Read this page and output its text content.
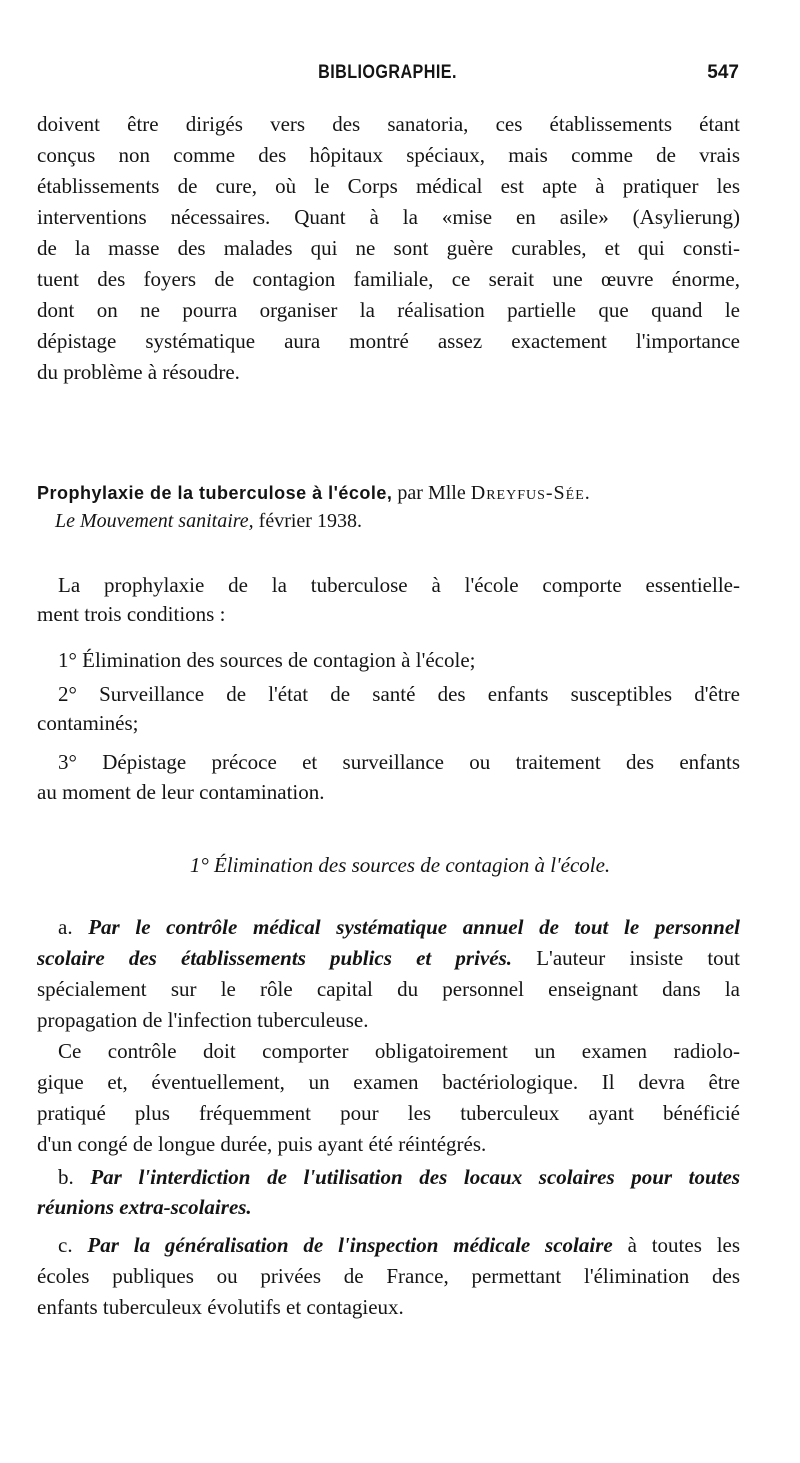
BIBLIOGRAPHIE.	547
doivent être dirigés vers des sanatoria, ces établissements étant
conçus non comme des hôpitaux spéciaux, mais comme de vrais
établissements de cure, où le Corps médical est apte à pratiquer les
interventions nécessaires. Quant à la «mise en asile» (Asylierung)
de la masse des malades qui ne sont guère curables, et qui consti-
tuent des foyers de contagion familiale, ce serait une œuvre énorme,
dont on ne pourra organiser la réalisation partielle que quand le
dépistage systématique aura montré assez exactement l'importance
du problème à résoudre.
Prophylaxie de la tuberculose à l'école, par Mlle Dreyfus-Sée.
Le Mouvement sanitaire, février 1938.
La prophylaxie de la tuberculose à l'école comporte essentielle-
ment trois conditions :
1° Élimination des sources de contagion à l'école;
2° Surveillance de l'état de santé des enfants susceptibles d'être
contaminés;
3° Dépistage précoce et surveillance ou traitement des enfants
au moment de leur contamination.
1° Élimination des sources de contagion à l'école.
a. Par le contrôle médical systématique annuel de tout le personnel
scolaire des établissements publics et privés. L'auteur insiste tout
spécialement sur le rôle capital du personnel enseignant dans la
propagation de l'infection tuberculeuse.
Ce contrôle doit comporter obligatoirement un examen radiolo-
gique et, éventuellement, un examen bactériologique. Il devra être
pratiqué plus fréquemment pour les tuberculeux ayant bénéficié
d'un congé de longue durée, puis ayant été réintégrés.
b. Par l'interdiction de l'utilisation des locaux scolaires pour toutes
réunions extra-scolaires.
c. Par la généralisation de l'inspection médicale scolaire à toutes les
écoles publiques ou privées de France, permettant l'élimination des
enfants tuberculeux évolutifs et contagieux.
